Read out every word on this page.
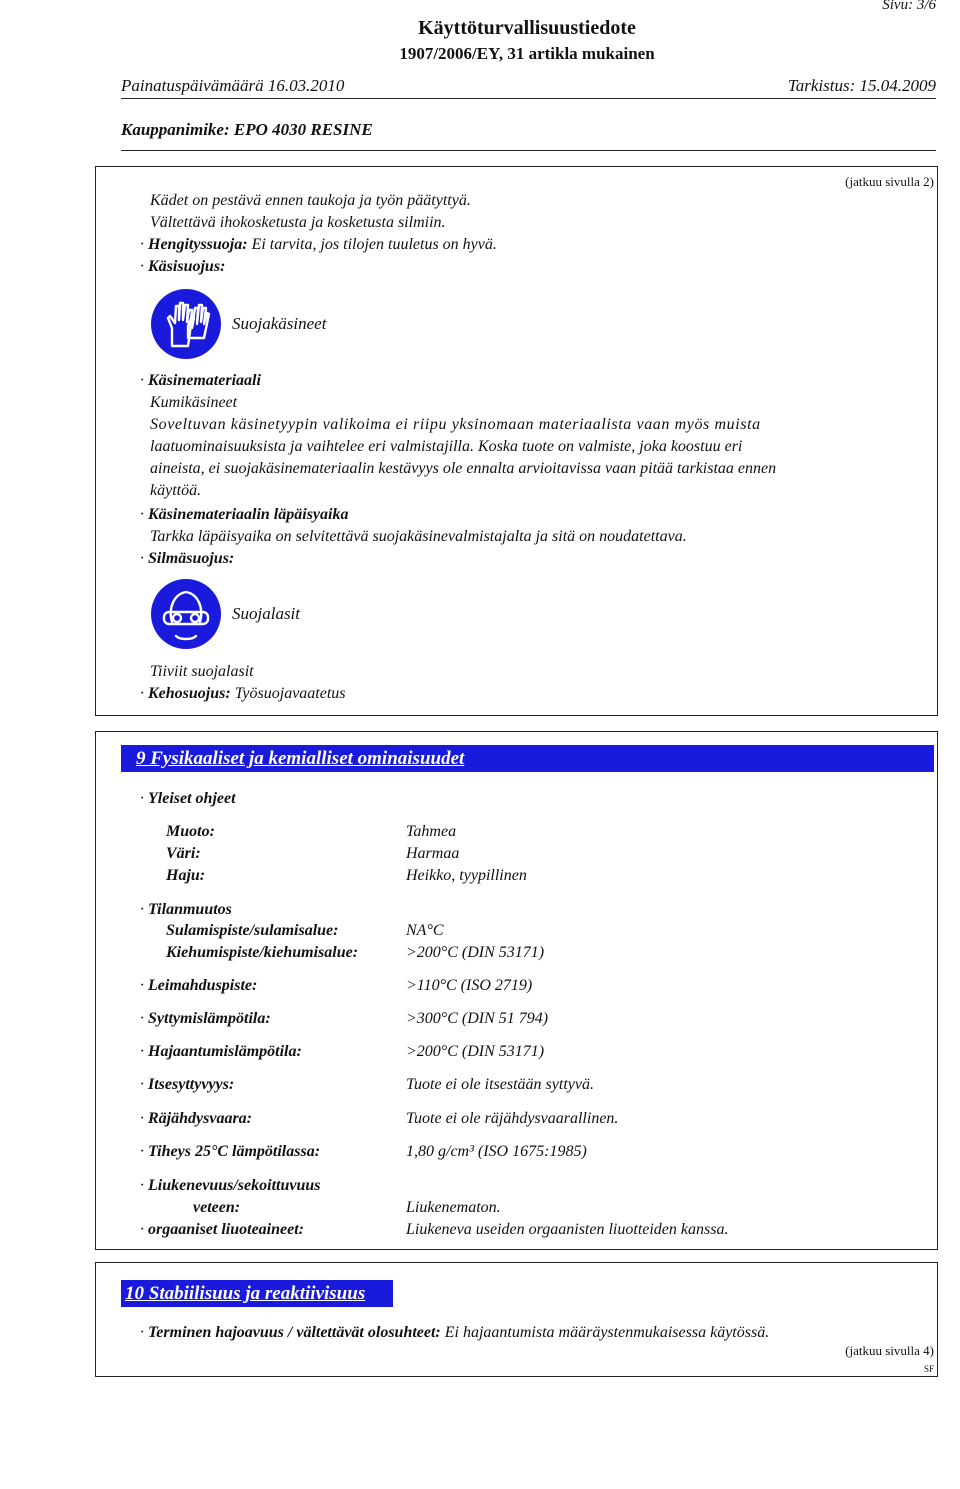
Sivu: 3/6
Käyttöturvallisuustiedote
1907/2006/EY, 31 artikla mukainen
Painatuspäivämäärä 16.03.2010	Tarkistus: 15.04.2009
Kauppanimike: EPO 4030 RESINE
(jatkuu sivulla 2)
Kädet on pestävä ennen taukoja ja työn päätyttyä.
Vältettävä ihokosketusta ja kosketusta silmiin.
· Hengityssuoja: Ei tarvita, jos tilojen tuuletus on hyvä.
· Käsisuojus:
Suojakäsineet
· Käsinemateriaali
Kumikäsineet
Soveltuvan käsinetyypin valikoima ei riipu yksinomaan materiaalista vaan myös muista
laatuominaisuuksista ja vaihtelee eri valmistajilla. Koska tuote on valmiste, joka koostuu eri
aineista, ei suojakäsinemateriaalin kestävyys ole ennalta arvioitavissa vaan pitää tarkistaa ennen
käyttöä.
· Käsinemateriaalin läpäisyaika
Tarkka läpäisyaika on selvitettävä suojakäsinevalmistajalta ja sitä on noudatettava.
· Silmäsuojus:
Suojalasit
Tiiviit suojalasit
· Kehosuojus: Työsuojavaatetus
9 Fysikaaliset ja kemialliset ominaisuudet
· Yleiset ohjeet
Muoto:	Tahmea
Väri:	Harmaa
Haju:	Heikko, tyypillinen
· Tilanmuutos
Sulamispiste/sulamisalue:	NA°C
Kiehumispiste/kiehumisalue:	>200°C (DIN 53171)
· Leimahduspiste:	>110°C (ISO 2719)
· Syttymislämpötila:	>300°C (DIN 51 794)
· Hajaantumislämpötila:	>200°C (DIN 53171)
· Itsesyttyvyys:	Tuote ei ole itsestään syttyvä.
· Räjähdysvaara:	Tuote ei ole räjähdysvaarallinen.
· Tiheys 25°C lämpötilassa:	1,80 g/cm³ (ISO 1675:1985)
· Liukenevuus/sekoittuvuus
veteen:	Liukenematon.
· orgaaniset liuoteaineet:	Liukeneva useiden orgaanisten liuotteiden kanssa.
10 Stabiilisuus ja reaktiivisuus
· Terminen hajoavuus / vältettävät olosuhteet: Ei hajaantumista määräystenmukaisessa käytössä.
(jatkuu sivulla 4)
SF
